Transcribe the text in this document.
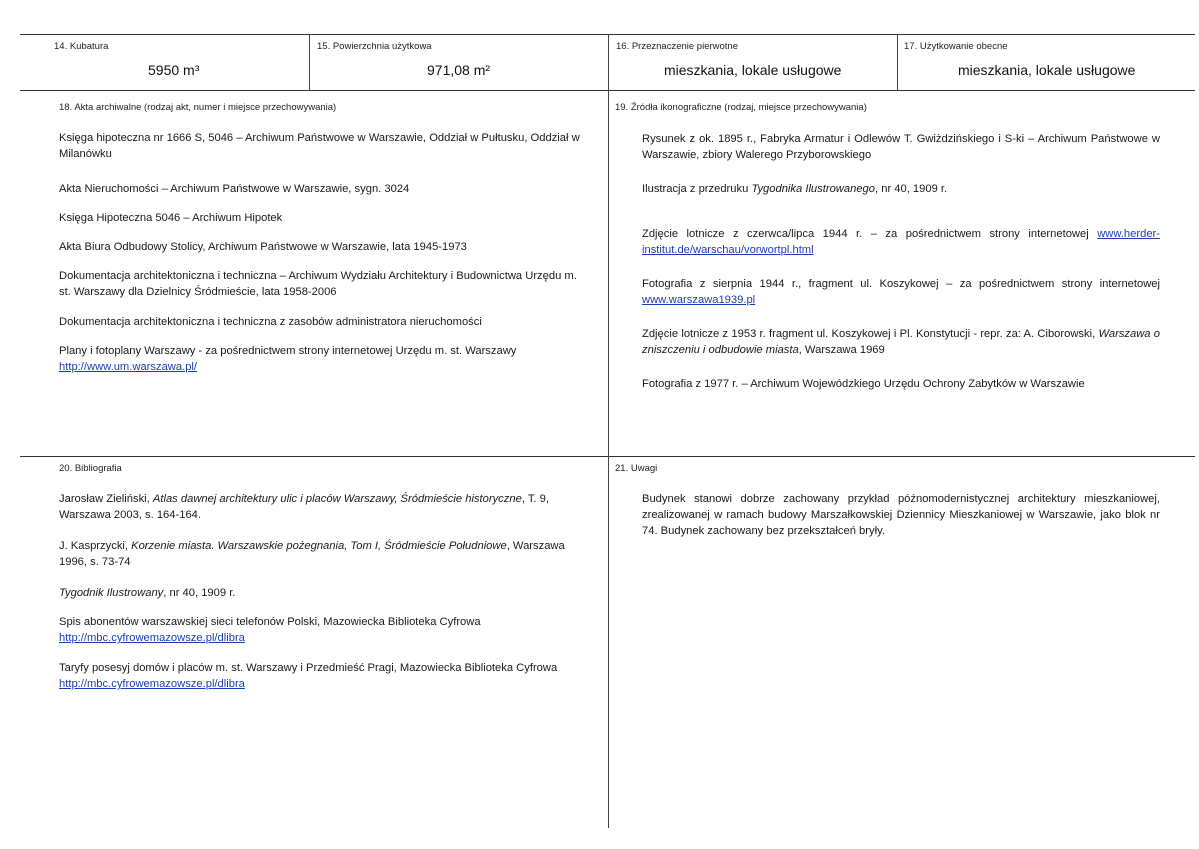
14. Kubatura
5950 m³
15. Powierzchnia użytkowa
971,08 m²
16. Przeznaczenie pierwotne
mieszkania, lokale usługowe
17. Użytkowanie obecne
mieszkania, lokale usługowe
18. Akta archiwalne (rodzaj akt, numer i miejsce przechowywania)

Księga hipoteczna nr 1666 S, 5046 – Archiwum Państwowe w Warszawie, Oddział w Pułtusku, Oddział w Milanówku

Akta Nieruchomości – Archiwum Państwowe w Warszawie, sygn. 3024

Księga Hipoteczna 5046 – Archiwum Hipotek

Akta Biura Odbudowy Stolicy, Archiwum Państwowe w Warszawie, lata 1945-1973

Dokumentacja architektoniczna i techniczna – Archiwum Wydziału Architektury i Budownictwa Urzędu m. st. Warszawy dla Dzielnicy Śródmieście, lata 1958-2006

Dokumentacja architektoniczna i techniczna z zasobów administratora nieruchomości

Plany i fotoplany Warszawy - za pośrednictwem strony internetowej Urzędu m. st. Warszawy

http://www.um.warszawa.pl/

19. Źródła ikonograficzne (rodzaj, miejsce przechowywania)

Rysunek z ok. 1895 r., Fabryka Armatur i Odlewów T. Gwiżdzińskiego i S-ki – Archiwum Państwowe w Warszawie, zbiory Walerego Przyborowskiego

Ilustracja z przedruku Tygodnika Ilustrowanego, nr 40, 1909 r.

Zdjęcie lotnicze z czerwca/lipca 1944 r. – za pośrednictwem strony internetowej www.herder-institut.de/warschau/vorwortpl.html

Fotografia z sierpnia 1944 r., fragment ul. Koszykowej – za pośrednictwem strony internetowej www.warszawa1939.pl

Zdjęcie lotnicze z 1953 r. fragment ul. Koszykowej i Pl. Konstytucji - repr. za: A. Ciborowski, Warszawa o zniszczeniu i odbudowie miasta, Warszawa 1969

Fotografia z 1977 r. – Archiwum Wojewódzkiego Urzędu Ochrony Zabytków w Warszawie

20. Bibliografia

Jarosław Zieliński, Atlas dawnej architektury ulic i placów Warszawy, Śródmieście historyczne, T. 9, Warszawa 2003, s. 164-164.

J. Kasprzycki, Korzenie miasta. Warszawskie pożegnania, Tom I, Śródmieście Południowe, Warszawa 1996, s. 73-74

Tygodnik Ilustrowany, nr 40, 1909 r.

Spis abonentów warszawskiej sieci telefonów Polski, Mazowiecka Biblioteka Cyfrowa
http://mbc.cyfrowemazowsze.pl/dlibra

Taryfy posesyj domów i placów m. st. Warszawy i Przedmieść Pragi, Mazowiecka Biblioteka Cyfrowa http://mbc.cyfrowemazowsze.pl/dlibra

21. Uwagi

Budynek stanowi dobrze zachowany przykład późnomodernistycznej architektury mieszkaniowej, zrealizowanej w ramach budowy Marszałkowskiej Dziennicy Mieszkaniowej w Warszawie, jako blok nr 74. Budynek zachowany bez przekształceń bryły.
